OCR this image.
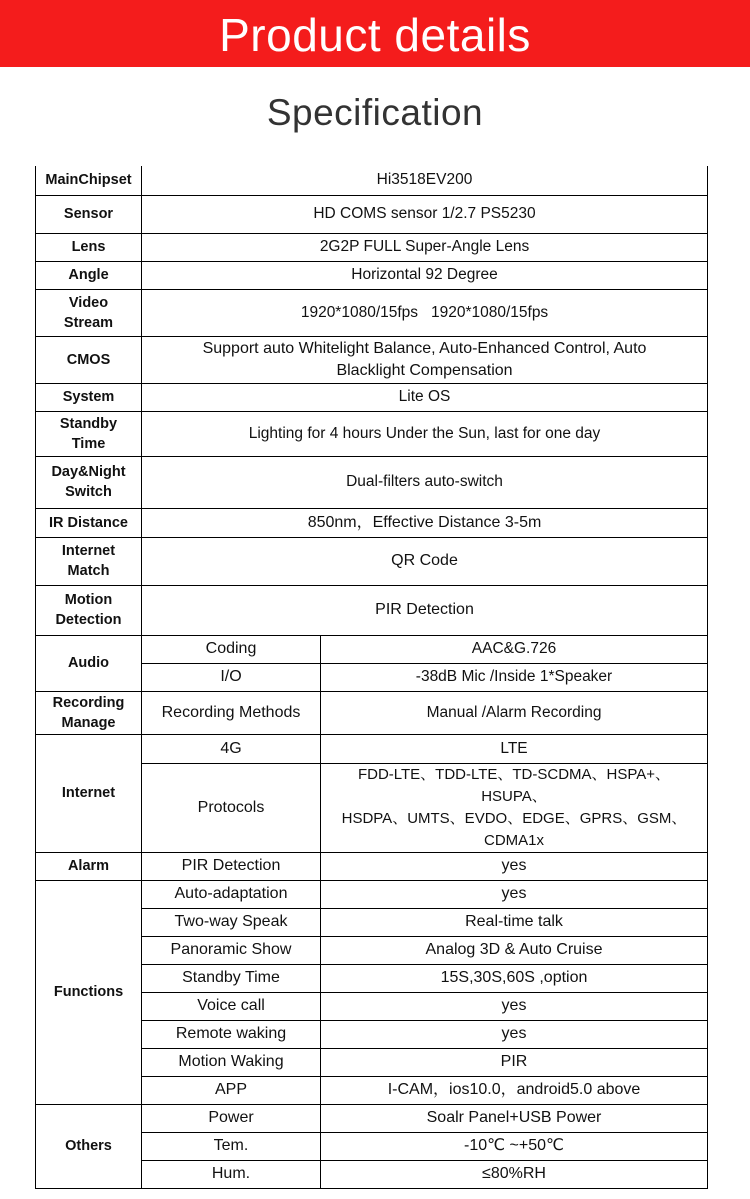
Product details
Specification
MainChipset	Hi3518EV200	
Sensor	HD COMS sensor 1/2.7 PS5230	
Lens	2G2P FULL Super-Angle Lens	
Angle	Horizontal 92 Degree	

Video
Stream	1920*1080/15fps   1920*1080/15fps	
CMOS	Support auto Whitelight Balance, Auto-Enhanced Control, Auto
Blacklight Compensation	

System	Lite OS	

Standby
Time	Lighting for 4 hours Under the Sun, last for one day	

Day&Night
Switch	Dual-filters auto-switch	
IR Distance	850nm，Effective Distance 3-5m	

Internet
Match	QR Code	

Motion
Detection	PIR Detection	
Audio	Coding	AAC&G.726
	I/O	-38dB Mic /Inside 1*Speaker

Recording
Manage	Recording Methods	Manual /Alarm Recording
Internet	4G	LTE
	Protocols	FDD-LTE、TDD-LTE、TD-SCDMA、HSPA+、
HSUPA、
HSDPA、UMTS、EVDO、EDGE、GPRS、GSM、
CDMA1x

Alarm	PIR Detection	yes
Functions	Auto-adaptation	yes
	Two-way Speak	Real-time talk
	Panoramic Show	Analog 3D & Auto Cruise
	Standby Time	15S,30S,60S ,option
	Voice call	yes
	Remote waking	yes
	Motion Waking	PIR
	APP	I-CAM，ios10.0，android5.0 above
Others	Power	Soalr Panel+USB Power
	Tem.	-10℃ ~+50℃
	Hum.	≤80%RH
